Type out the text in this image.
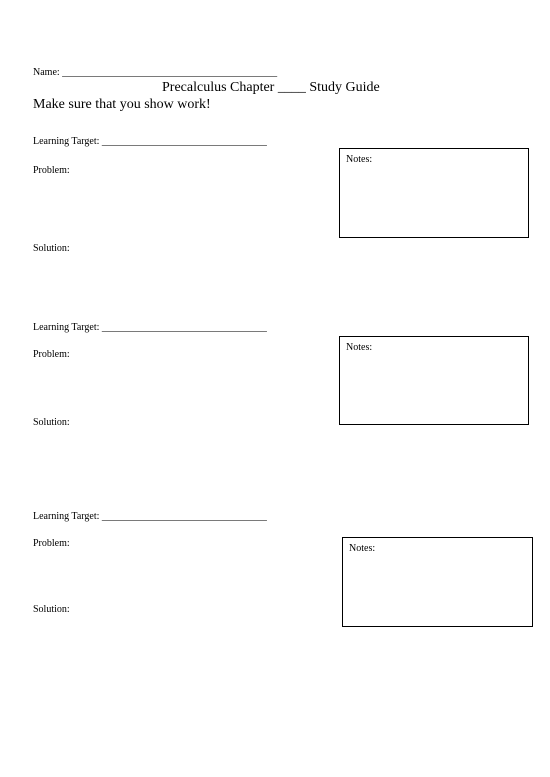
Name: ___________________________________________
Precalculus Chapter ____ Study Guide
Make sure that you show work!
Learning Target: _________________________________
Problem:
Solution:
Notes:
Learning Target: _________________________________
Problem:
Solution:
Notes:
Learning Target: _________________________________
Problem:
Solution:
Notes:
